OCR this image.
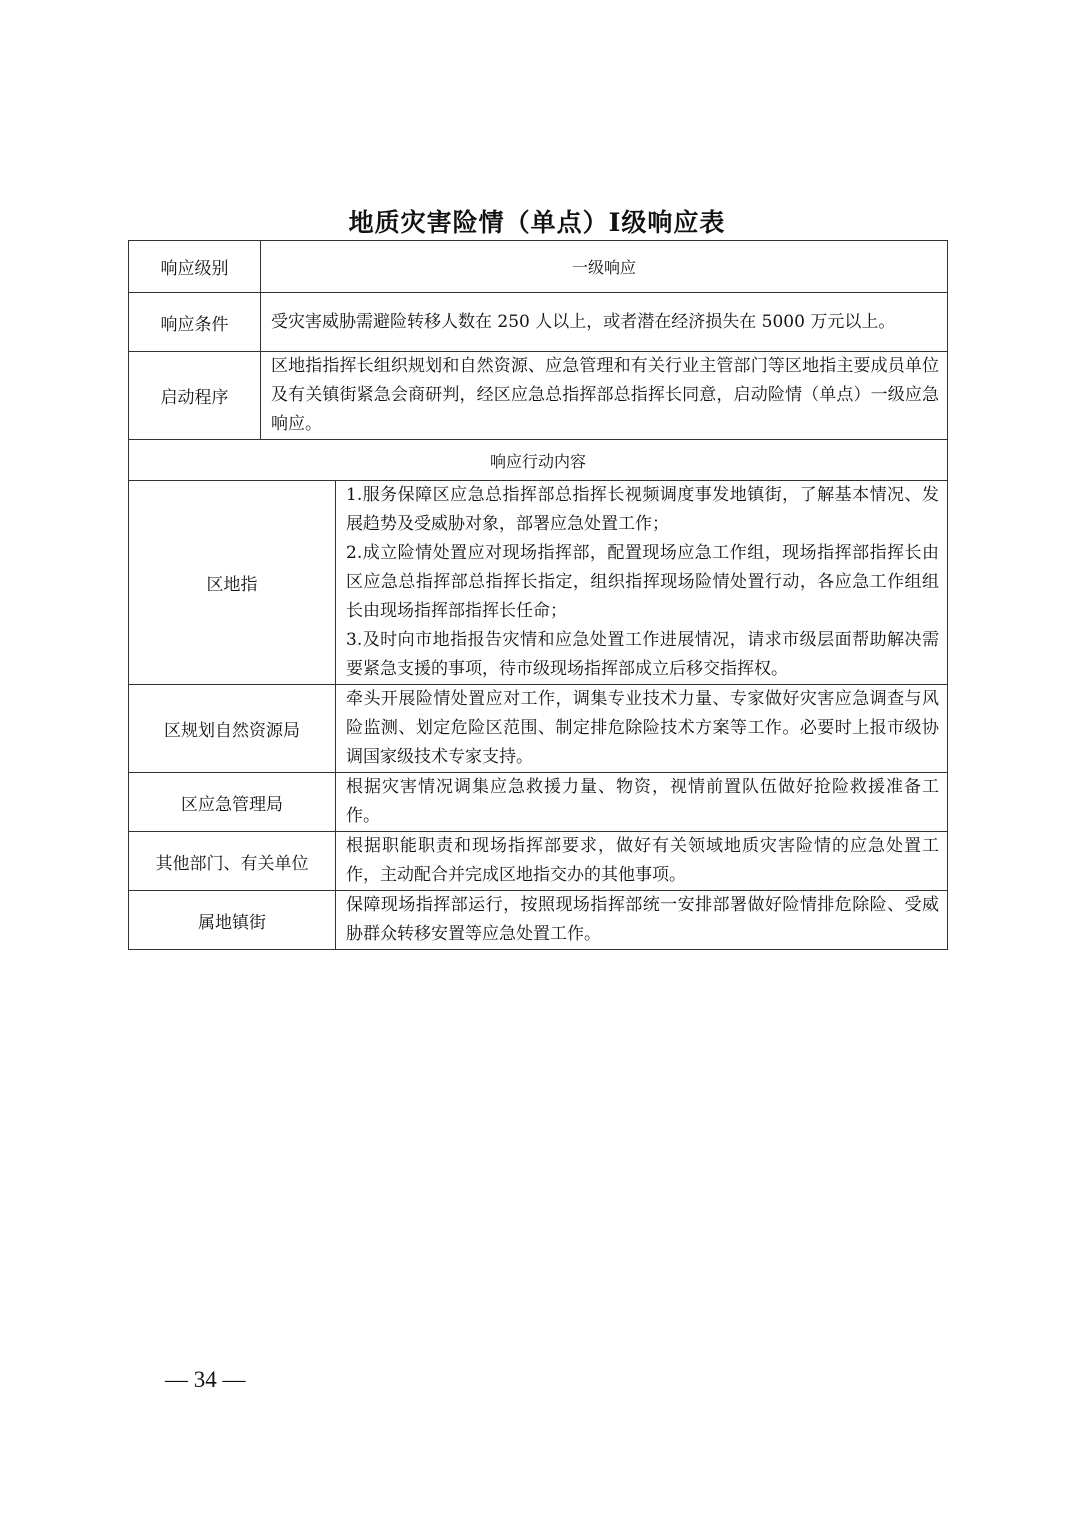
地质灾害险情（单点）Ⅰ级响应表
响应级别	一级响应	
响应条件	受灾害威胁需避险转移人数在 250 人以上，或者潜在经济损失在 5000 万元以上。	
启动程序	区地指指挥长组织规划和自然资源、应急管理和有关行业主管部门等区地指主要成员单位及有关镇街紧急会商研判，经区应急总指挥部总指挥长同意，启动险情（单点）一级应急响应。	
响应行动内容		
区地指		1.服务保障区应急总指挥部总指挥长视频调度事发地镇街，了解基本情况、发展趋势及受威胁对象，部署应急处置工作；

2.成立险情处置应对现场指挥部，配置现场应急工作组，现场指挥部指挥长由区应急总指挥部总指挥长指定，组织指挥现场险情处置行动，各应急工作组组长由现场指挥部指挥长任命；

3.及时向市地指报告灾情和应急处置工作进展情况，请求市级层面帮助解决需要紧急支援的事项，待市级现场指挥部成立后移交指挥权。

区规划自然资源局		牵头开展险情处置应对工作，调集专业技术力量、专家做好灾害应急调查与风险监测、划定危险区范围、制定排危除险技术方案等工作。必要时上报市级协调国家级技术专家支持。

区应急管理局		根据灾害情况调集应急救援力量、物资，视情前置队伍做好抢险救援准备工作。

其他部门、有关单位		根据职能职责和现场指挥部要求，做好有关领域地质灾害险情的应急处置工作，主动配合并完成区地指交办的其他事项。

属地镇街		保障现场指挥部运行，按照现场指挥部统一安排部署做好险情排危除险、受威胁群众转移安置等应急处置工作。

— 34 —
